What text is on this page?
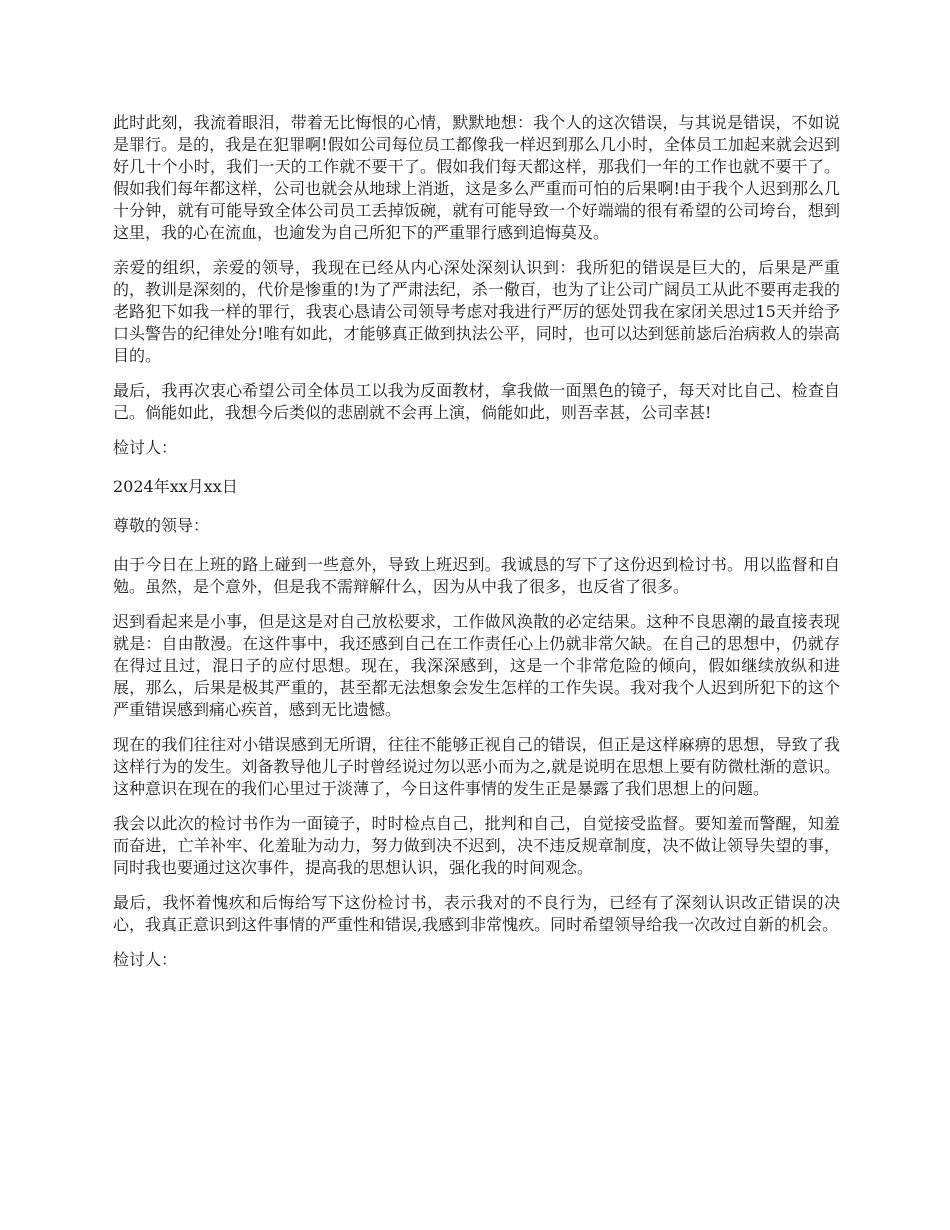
此时此刻，我流着眼泪，带着无比悔恨的心情，默默地想：我个人的这次错误，与其说是错误，不如说是罪行。是的，我是在犯罪啊!假如公司每位员工都像我一样迟到那么几小时，全体员工加起来就会迟到好几十个小时，我们一天的工作就不要干了。假如我们每天都这样，那我们一年的工作也就不要干了。假如我们每年都这样，公司也就会从地球上消逝，这是多么严重而可怕的后果啊!由于我个人迟到那么几十分钟，就有可能导致全体公司员工丢掉饭碗，就有可能导致一个好端端的很有希望的公司垮台，想到这里，我的心在流血，也逾发为自己所犯下的严重罪行感到追悔莫及。

亲爱的组织，亲爱的领导，我现在已经从内心深处深刻认识到：我所犯的错误是巨大的，后果是严重的，教训是深刻的，代价是惨重的!为了严肃法纪，杀一儆百，也为了让公司广阔员工从此不要再走我的老路犯下如我一样的罪行，我衷心恳请公司领导考虑对我进行严厉的惩处罚我在家闭关思过15天并给予口头警告的纪律处分!唯有如此，才能够真正做到执法公平，同时，也可以达到惩前毖后治病救人的崇高目的。

最后，我再次衷心希望公司全体员工以我为反面教材，拿我做一面黑色的镜子，每天对比自己、检查自己。倘能如此，我想今后类似的悲剧就不会再上演，倘能如此，则吾幸甚，公司幸甚!

检讨人：

2024年xx月xx日

尊敬的领导：

由于今日在上班的路上碰到一些意外，导致上班迟到。我诚恳的写下了这份迟到检讨书。用以监督和自勉。虽然，是个意外，但是我不需辩解什么，因为从中我了很多，也反省了很多。

迟到看起来是小事，但是这是对自己放松要求，工作做风涣散的必定结果。这种不良思潮的最直接表现就是：自由散漫。在这件事中，我还感到自己在工作责任心上仍就非常欠缺。在自己的思想中，仍就存在得过且过，混日子的应付思想。现在，我深深感到，这是一个非常危险的倾向，假如继续放纵和进展，那么，后果是极其严重的，甚至都无法想象会发生怎样的工作失误。我对我个人迟到所犯下的这个严重错误感到痛心疾首，感到无比遗憾。

现在的我们往往对小错误感到无所谓，往往不能够正视自己的错误，但正是这样麻痹的思想，导致了我这样行为的发生。刘备教导他儿子时曾经说过勿以恶小而为之,就是说明在思想上要有防微杜渐的意识。这种意识在现在的我们心里过于淡薄了，今日这件事情的发生正是暴露了我们思想上的问题。

我会以此次的检讨书作为一面镜子，时时检点自己，批判和自己，自觉接受监督。要知羞而警醒，知羞而奋进，亡羊补牢、化羞耻为动力，努力做到决不迟到，决不违反规章制度，决不做让领导失望的事，同时我也要通过这次事件，提高我的思想认识，强化我的时间观念。

最后，我怀着愧疚和后悔给写下这份检讨书，表示我对的不良行为，已经有了深刻认识改正错误的决心，我真正意识到这件事情的严重性和错误,我感到非常愧疚。同时希望领导给我一次改过自新的机会。

检讨人：
